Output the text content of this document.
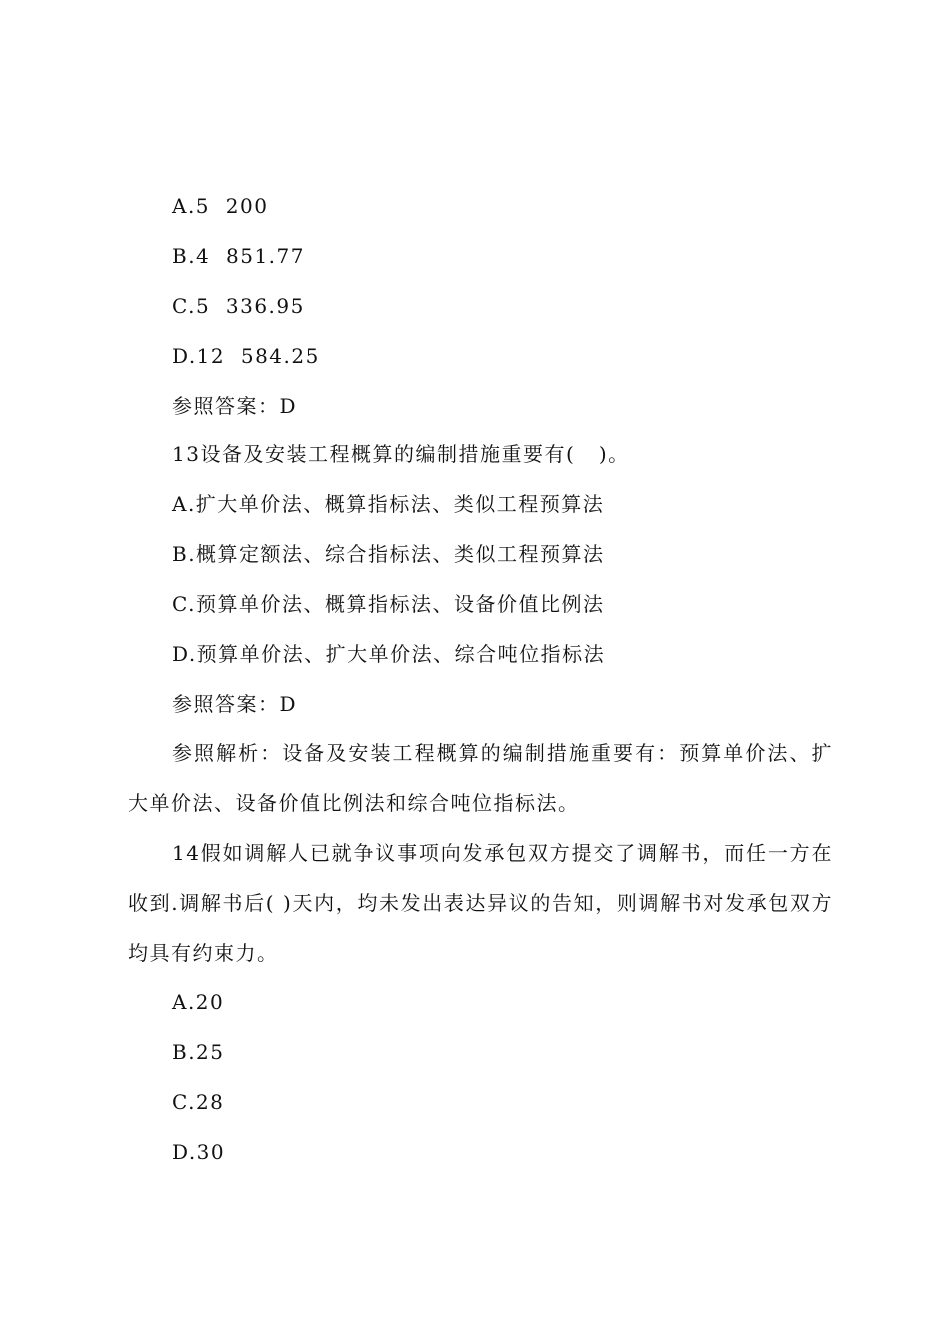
A.5  200
B.4  851.77
C.5  336.95
D.12  584.25
参照答案：D
13设备及安装工程概算的编制措施重要有(   )。
A.扩大单价法、概算指标法、类似工程预算法
B.概算定额法、综合指标法、类似工程预算法
C.预算单价法、概算指标法、设备价值比例法
D.预算单价法、扩大单价法、综合吨位指标法
参照答案：D
参照解析：设备及安装工程概算的编制措施重要有：预算单价法、扩大单价法、设备价值比例法和综合吨位指标法。
14假如调解人已就争议事项向发承包双方提交了调解书，而任一方在收到.调解书后( )天内，均未发出表达异议的告知，则调解书对发承包双方均具有约束力。
A.20
B.25
C.28
D.30
